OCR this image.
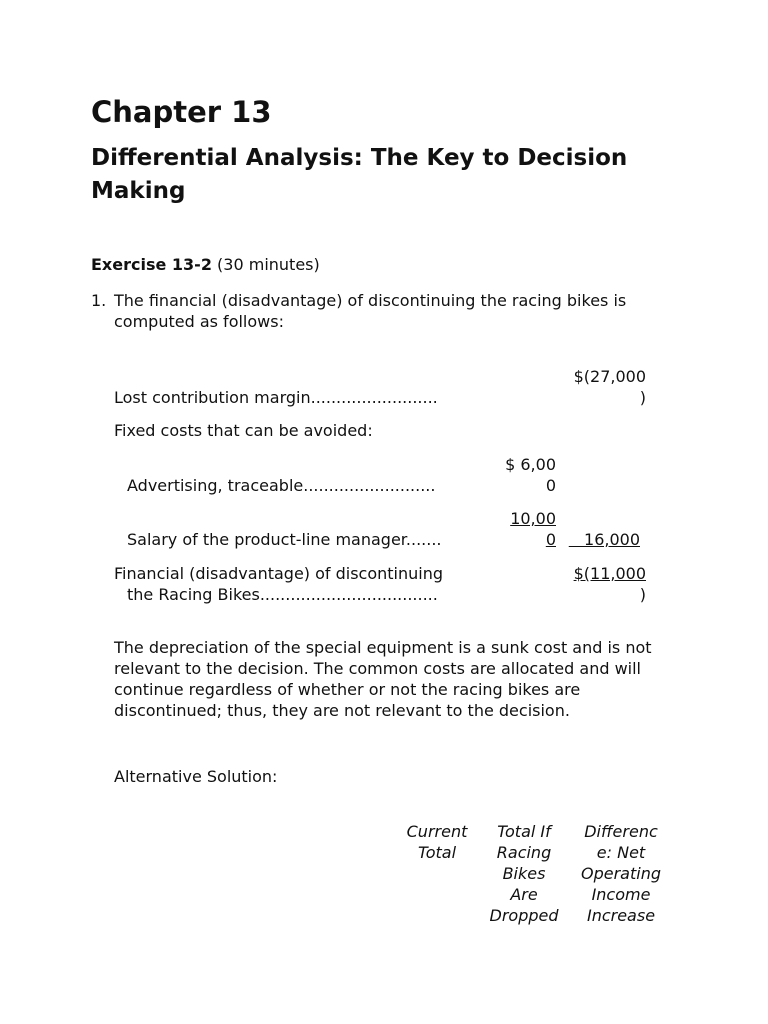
Chapter 13
Differential Analysis: The Key to Decision Making
Exercise 13-2 (30 minutes)
1. The financial (disadvantage) of discontinuing the racing bikes is computed as follows:
Lost contribution margin.........................
$(27,000
)
Fixed costs that can be avoided:
Advertising, traceable..........................
$ 6,00
0
Salary of the product-line manager.......
10,00
0	16,000
Financial (disadvantage) of discontinuing
the Racing Bikes...................................
$(11,000
)
The depreciation of the special equipment is a sunk cost and is not relevant to the decision. The common costs are allocated and will continue regardless of whether or not the racing bikes are discontinued; thus, they are not relevant to the decision.
Alternative Solution:
Current
Total
Total If
Racing
Bikes
Are
Dropped
Differenc
e: Net
Operating
Income
Increase
